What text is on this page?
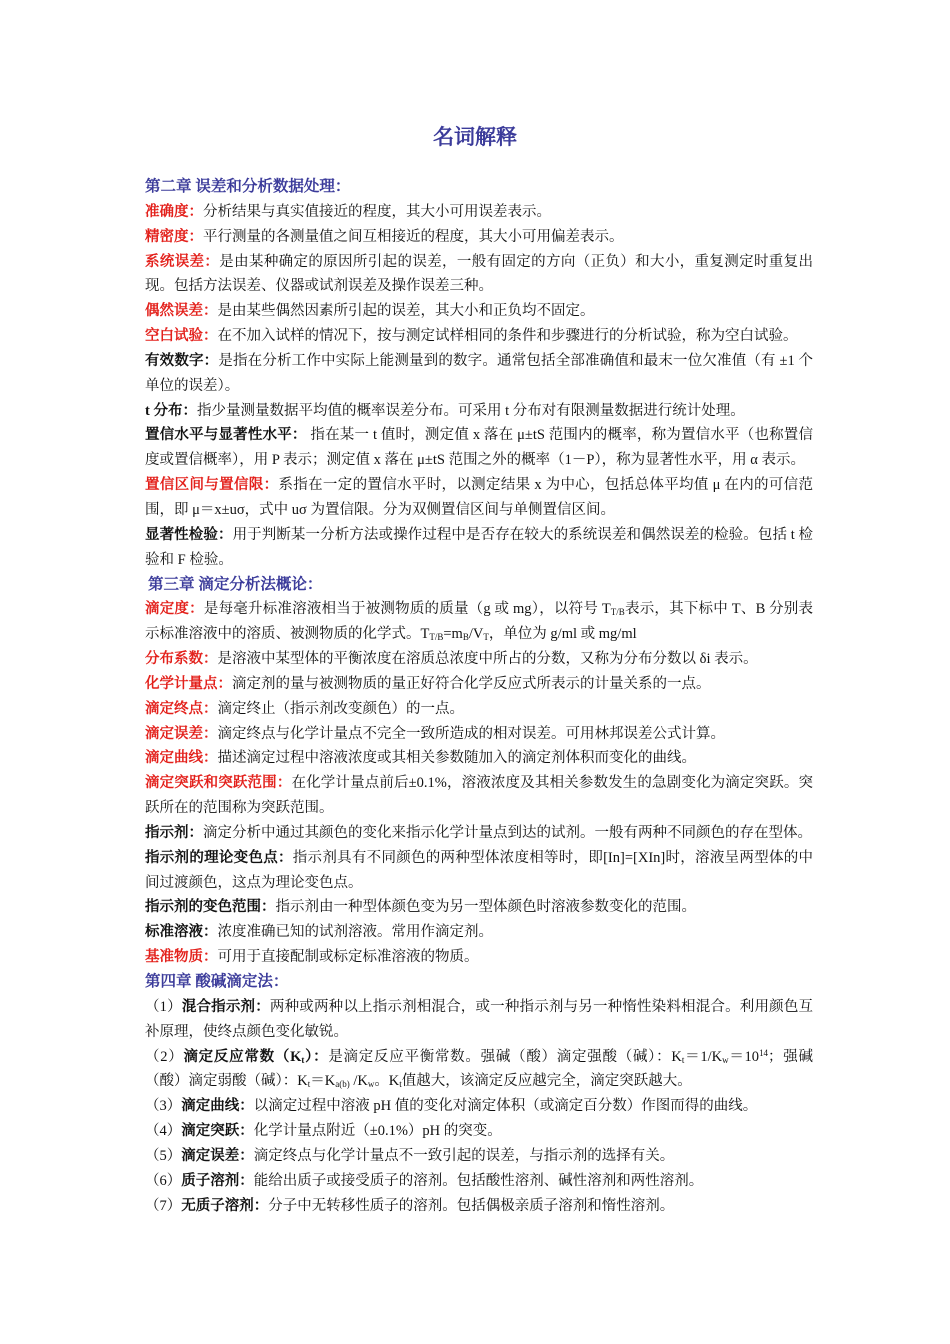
名词解释

第二章 误差和分析数据处理：

准确度：分析结果与真实值接近的程度，其大小可用误差表示。

精密度：平行测量的各测量值之间互相接近的程度，其大小可用偏差表示。

系统误差：是由某种确定的原因所引起的误差，一般有固定的方向（正负）和大小，重复测定时重复出现。包括方法误差、仪器或试剂误差及操作误差三种。

偶然误差：是由某些偶然因素所引起的误差，其大小和正负均不固定。

空白试验：在不加入试样的情况下，按与测定试样相同的条件和步骤进行的分析试验，称为空白试验。

有效数字：是指在分析工作中实际上能测量到的数字。通常包括全部准确值和最末一位欠准值（有 ±1 个单位的误差）。

t 分布：指少量测量数据平均值的概率误差分布。可采用 t 分布对有限测量数据进行统计处理。

置信水平与显著性水平： 指在某一 t 值时，测定值 x 落在 μ±tS 范围内的概率，称为置信水平（也称置信度或置信概率），用 P 表示；测定值 x 落在 μ±tS 范围之外的概率（1－P），称为显著性水平，用 α 表示。

置信区间与置信限：系指在一定的置信水平时，以测定结果 x 为中心，包括总体平均值 μ 在内的可信范围，即 μ＝x±uσ，式中 uσ 为置信限。分为双侧置信区间与单侧置信区间。

显著性检验：用于判断某一分析方法或操作过程中是否存在较大的系统误差和偶然误差的检验。包括 t 检验和 F 检验。

第三章 滴定分析法概论：

滴定度：是每毫升标准溶液相当于被测物质的质量（g 或 mg），以符号 $T_{T/B}$表示，其下标中 T、B 分别表示标准溶液中的溶质、被测物质的化学式。$T_{T/B}=m_B/V_T$，单位为 g/ml 或 mg/ml

分布系数：是溶液中某型体的平衡浓度在溶质总浓度中所占的分数，又称为分布分数以 δi 表示。

化学计量点：滴定剂的量与被测物质的量正好符合化学反应式所表示的计量关系的一点。

滴定终点：滴定终止（指示剂改变颜色）的一点。

滴定误差：滴定终点与化学计量点不完全一致所造成的相对误差。可用林邦误差公式计算。

滴定曲线：描述滴定过程中溶液浓度或其相关参数随加入的滴定剂体积而变化的曲线。

滴定突跃和突跃范围：在化学计量点前后±0.1%，溶液浓度及其相关参数发生的急剧变化为滴定突跃。突跃所在的范围称为突跃范围。

指示剂：滴定分析中通过其颜色的变化来指示化学计量点到达的试剂。一般有两种不同颜色的存在型体。

指示剂的理论变色点：指示剂具有不同颜色的两种型体浓度相等时，即[In]=[XIn]时，溶液呈两型体的中间过渡颜色，这点为理论变色点。

指示剂的变色范围：指示剂由一种型体颜色变为另一型体颜色时溶液参数变化的范围。

标准溶液：浓度准确已知的试剂溶液。常用作滴定剂。

基准物质：可用于直接配制或标定标准溶液的物质。

第四章 酸碱滴定法：

（1）混合指示剂：两种或两种以上指示剂相混合，或一种指示剂与另一种惰性染料相混合。利用颜色互补原理，使终点颜色变化敏锐。

（2）滴定反应常数$(K_t)$：是滴定反应平衡常数。强碱（酸）滴定强酸（碱）：$K_t=1/K_w=10^{14}$；强碱（酸）滴定弱酸（碱）：$K_t=K_{a(b)}$ $/K_w$。$K_t$值越大，该滴定反应越完全，滴定突跃越大。

（3）滴定曲线：以滴定过程中溶液 pH 值的变化对滴定体积（或滴定百分数）作图而得的曲线。

（4）滴定突跃：化学计量点附近（±0.1%）pH 的突变。

（5）滴定误差：滴定终点与化学计量点不一致引起的误差，与指示剂的选择有关。

（6）质子溶剂：能给出质子或接受质子的溶剂。包括酸性溶剂、碱性溶剂和两性溶剂。

（7）无质子溶剂：分子中无转移性质子的溶剂。包括偶极亲质子溶剂和惰性溶剂。
